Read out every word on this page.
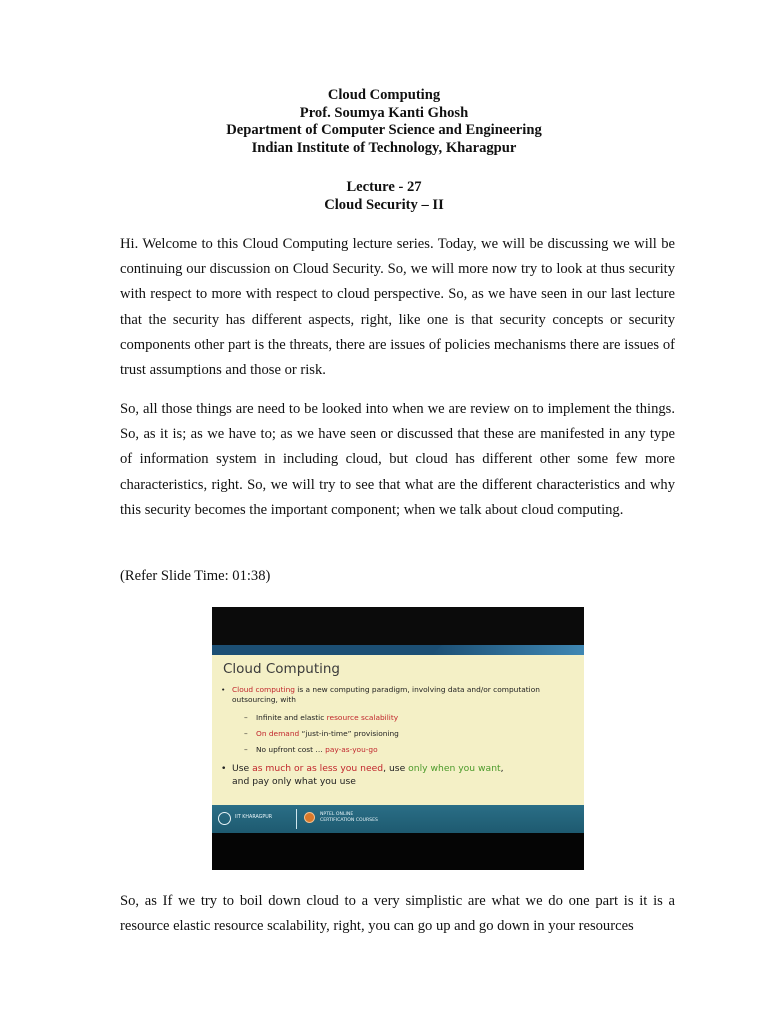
Cloud Computing
Prof. Soumya Kanti Ghosh
Department of Computer Science and Engineering
Indian Institute of Technology, Kharagpur
Lecture - 27
Cloud Security – II

Hi. Welcome to this Cloud Computing lecture series. Today, we will be discussing we will be continuing our discussion on Cloud Security. So, we will more now try to look at thus security with respect to more with respect to cloud perspective. So, as we have seen in our last lecture that the security has different aspects, right, like one is that security concepts or security components other part is the threats, there are issues of policies mechanisms there are issues of trust assumptions and those or risk.

So, all those things are need to be looked into when we are review on to implement the things. So, as it is; as we have to; as we have seen or discussed that these are manifested in any type of information system in including cloud, but cloud has different other some few more characteristics, right. So, we will try to see that what are the different characteristics and why this security becomes the important component; when we talk about cloud computing.

(Refer Slide Time: 01:38)
Cloud Computing
• Cloud computing is a new computing paradigm, involving data and/or computation outsourcing, with
– Infinite and elastic resource scalability
– On demand “just-in-time” provisioning
– No upfront cost … pay-as-you-go
• Use as much or as less you need, use only when you want,
and pay only what you use
IIT KHARAGPUR
NPTEL ONLINE
CERTIFICATION COURSES

So, as If we try to boil down cloud to a very simplistic are what we do one part is it is a resource elastic resource scalability, right, you can go up and go down in your resources
